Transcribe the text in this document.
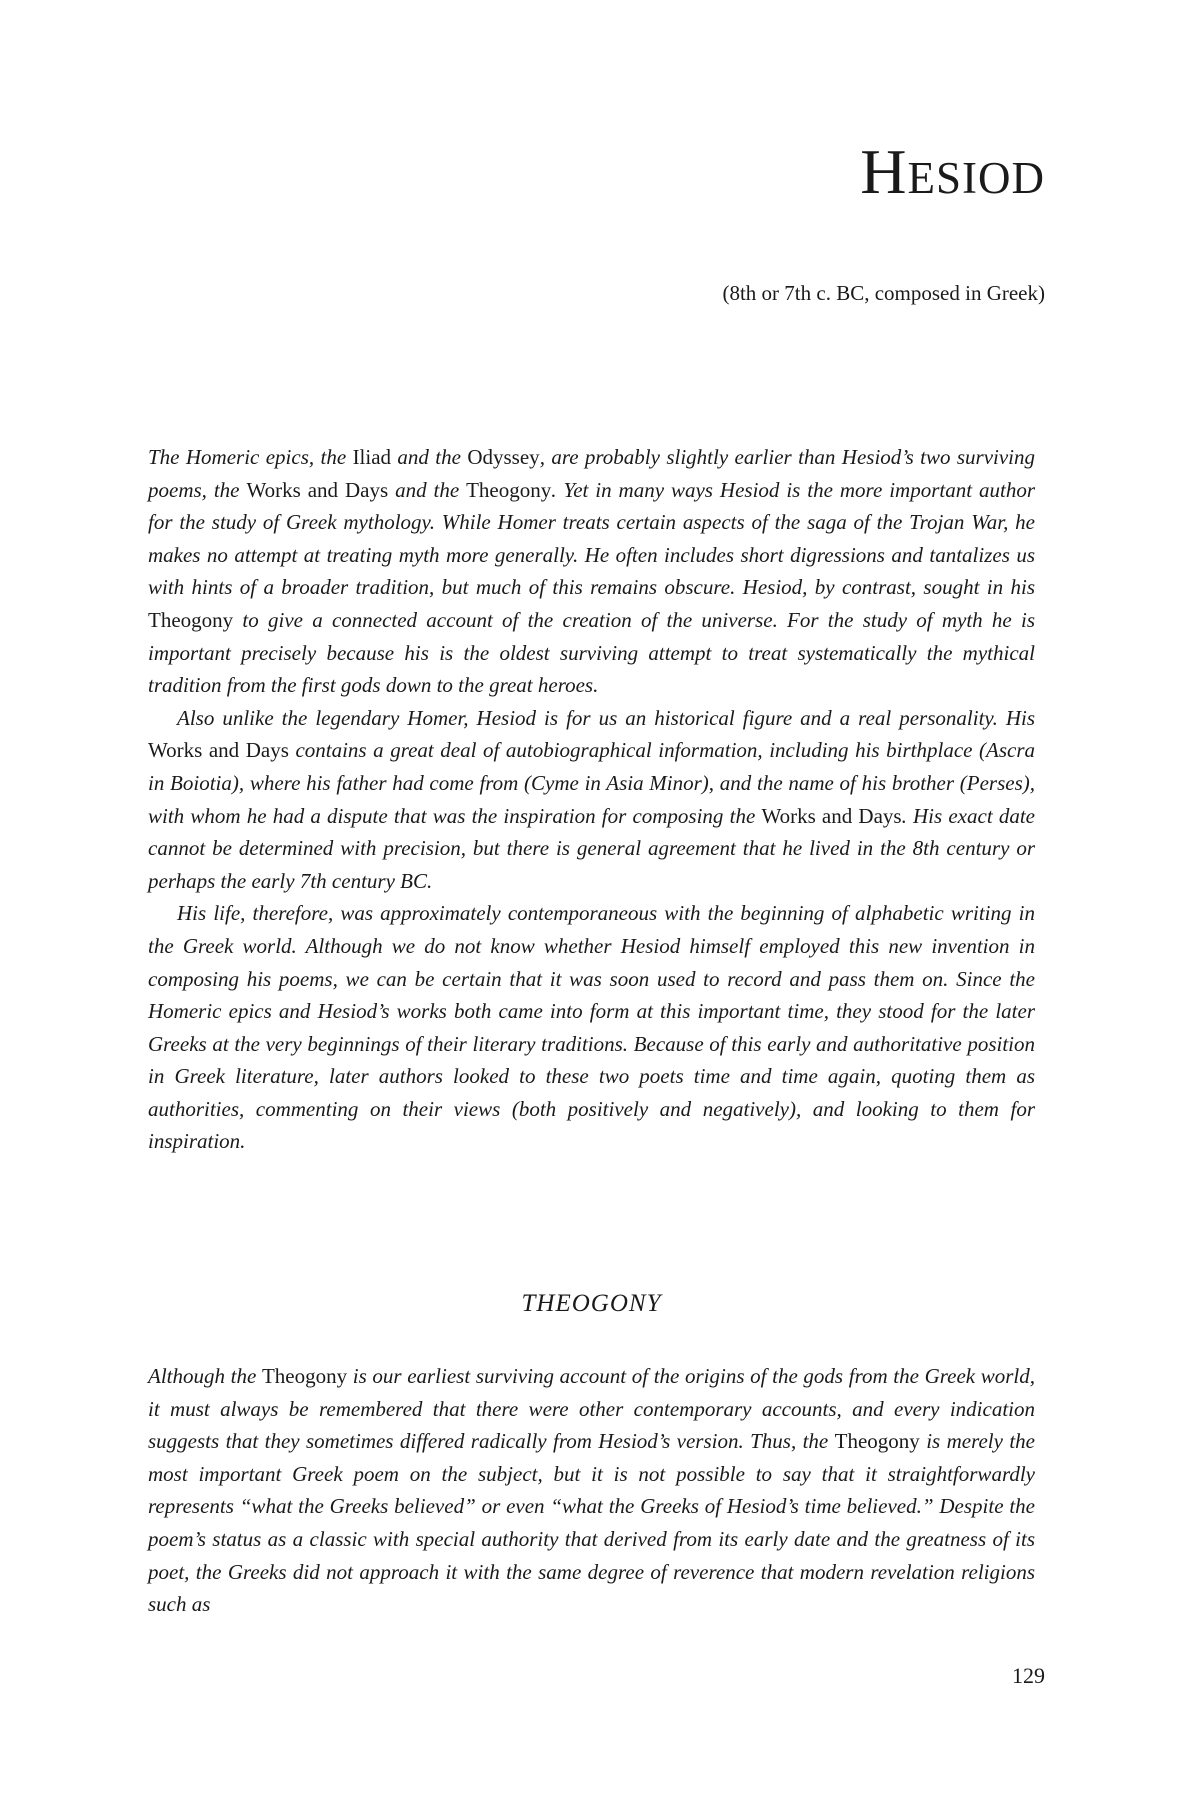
Hesiod
(8th or 7th c. BC, composed in Greek)

The Homeric epics, the Iliad and the Odyssey, are probably slightly earlier than Hesiod’s two surviving poems, the Works and Days and the Theogony. Yet in many ways Hesiod is the more important author for the study of Greek mythology. While Homer treats certain aspects of the saga of the Trojan War, he makes no attempt at treating myth more generally. He often includes short digressions and tantalizes us with hints of a broader tradition, but much of this remains obscure. Hesiod, by contrast, sought in his Theogony to give a connected account of the creation of the universe. For the study of myth he is important precisely because his is the oldest surviving attempt to treat systematically the mythical tradition from the first gods down to the great heroes.

Also unlike the legendary Homer, Hesiod is for us an historical figure and a real personality. His Works and Days contains a great deal of autobiographical information, including his birthplace (Ascra in Boiotia), where his father had come from (Cyme in Asia Minor), and the name of his brother (Perses), with whom he had a dispute that was the inspiration for composing the Works and Days. His exact date cannot be determined with precision, but there is general agreement that he lived in the 8th century or perhaps the early 7th century BC.

His life, therefore, was approximately contemporaneous with the beginning of alphabetic writing in the Greek world. Although we do not know whether Hesiod himself employed this new invention in composing his poems, we can be certain that it was soon used to record and pass them on. Since the Homeric epics and Hesiod’s works both came into form at this important time, they stood for the later Greeks at the very beginnings of their literary traditions. Because of this early and authoritative position in Greek literature, later authors looked to these two poets time and time again, quoting them as authorities, commenting on their views (both positively and negatively), and looking to them for inspiration.

THEOGONY

Although the Theogony is our earliest surviving account of the origins of the gods from the Greek world, it must always be remembered that there were other contemporary accounts, and every indication suggests that they sometimes differed radically from Hesiod’s version. Thus, the Theogony is merely the most important Greek poem on the subject, but it is not possible to say that it straightforwardly represents “what the Greeks believed” or even “what the Greeks of Hesiod’s time believed.” Despite the poem’s status as a classic with special authority that derived from its early date and the greatness of its poet, the Greeks did not approach it with the same degree of reverence that modern revelation religions such as

129
